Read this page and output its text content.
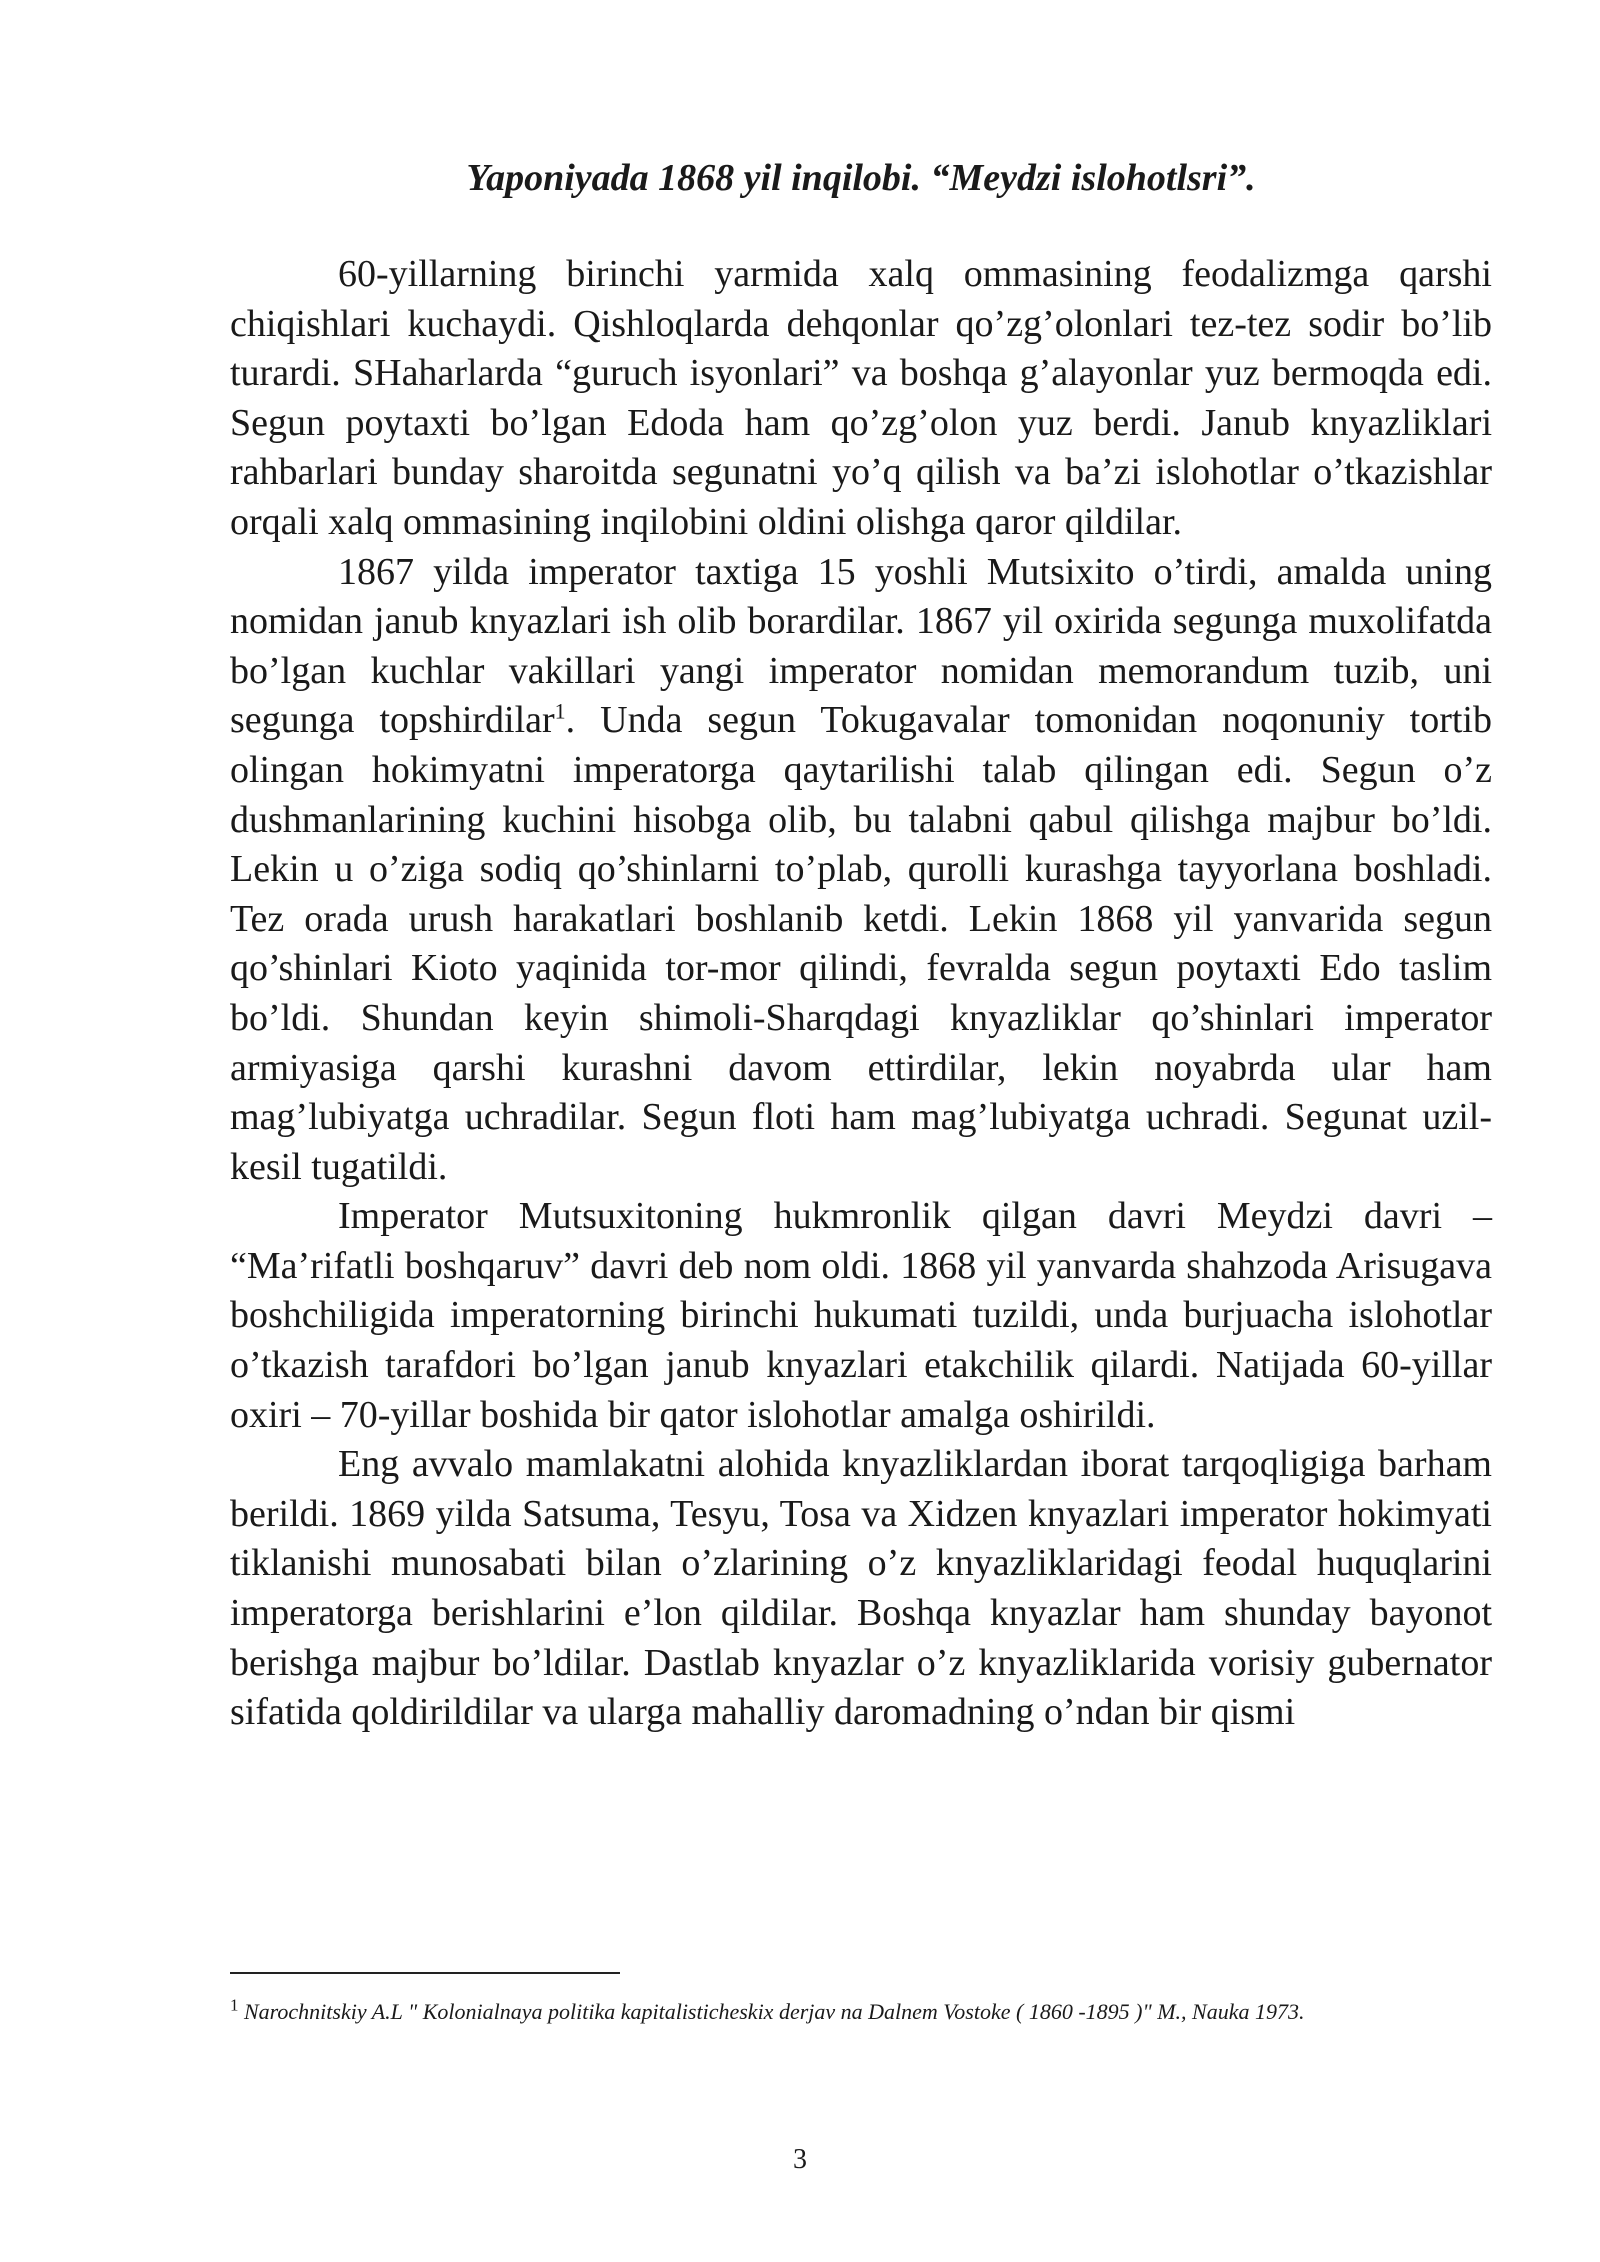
Yaponiyada 1868 yil inqilobi. “Meydzi islohotlsri”.

60-yillarning birinchi yarmida xalq ommasining feodalizmga qarshi chiqishlari kuchaydi. Qishloqlarda dehqonlar qo’zg’olonlari tez-tez sodir bo’lib turardi. SHaharlarda “guruch isyonlari” va boshqa g’alayonlar yuz bermoqda edi. Segun poytaxti bo’lgan Edoda ham qo’zg’olon yuz berdi. Janub knyazliklari rahbarlari bunday sharoitda segunatni yo’q qilish va ba’zi islohotlar o’tkazishlar orqali xalq ommasining inqilobini oldini olishga qaror qildilar.

1867 yilda imperator taxtiga 15 yoshli Mutsixito o’tirdi, amalda uning nomidan janub knyazlari ish olib borardilar. 1867 yil oxirida segunga muxolifatda bo’lgan kuchlar vakillari yangi imperator nomidan memorandum tuzib, uni segunga topshirdilar$^1$. Unda segun Tokugavalar tomonidan noqonuniy tortib olingan hokimyatni imperatorga qaytarilishi talab qilingan edi. Segun o’z dushmanlarining kuchini hisobga olib, bu talabni qabul qilishga majbur bo’ldi. Lekin u o’ziga sodiq qo’shinlarni to’plab, qurolli kurashga tayyorlana boshladi. Tez orada urush harakatlari boshlanib ketdi. Lekin 1868 yil yanvarida segun qo’shinlari Kioto yaqinida tor-mor qilindi, fevralda segun poytaxti Edo taslim bo’ldi. Shundan keyin shimoli-Sharqdagi knyazliklar qo’shinlari imperator armiyasiga qarshi kurashni davom ettirdilar, lekin noyabrda ular ham mag’lubiyatga uchradilar. Segun floti ham mag’lubiyatga uchradi. Segunat uzil-kesil tugatildi.

Imperator Mutsuxitoning hukmronlik qilgan davri Meydzi davri – “Ma’rifatli boshqaruv” davri deb nom oldi. 1868 yil yanvarda shahzoda Arisugava boshchiligida imperatorning birinchi hukumati tuzildi, unda burjuacha islohotlar o’tkazish tarafdori bo’lgan janub knyazlari etakchilik qilardi. Natijada 60-yillar oxiri – 70-yillar boshida bir qator islohotlar amalga oshirildi.

Eng avvalo mamlakatni alohida knyazliklardan iborat tarqoqligiga barham berildi. 1869 yilda Satsuma, Tesyu, Tosa va Xidzen knyazlari imperator hokimyati tiklanishi munosabati bilan o’zlarining o’z knyazliklaridagi feodal huquqlarini imperatorga berishlarini e’lon qildilar. Boshqa knyazlar ham shunday bayonot berishga majbur bo’ldilar. Dastlab knyazlar o’z knyazliklarida vorisiy gubernator sifatida qoldirildilar va ularga mahalliy daromadning o’ndan bir qismi

$^1$ Narochnitskiy A.L " Kolonialnaya politika kapitalisticheskix derjav na Dalnem Vostoke ( 1860 -1895 )" M., Nauka 1973.

3
